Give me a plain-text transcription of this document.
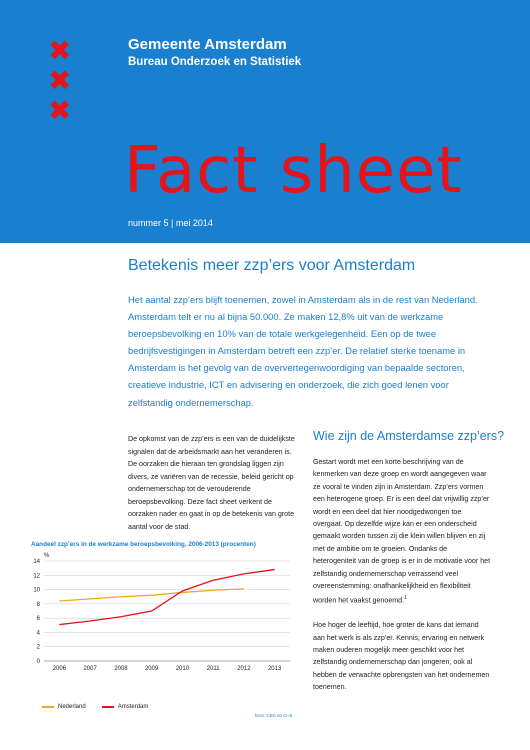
✖
✖
✖
Gemeente Amsterdam
Bureau Onderzoek en Statistiek
Fact sheet
nummer 5 | mei 2014
Betekenis meer zzp’ers voor Amsterdam
Het aantal zzp’ers blijft toenemen, zowel in Amsterdam als in de rest van Nederland. Amsterdam telt er nu al bijna 50.000. Ze maken 12,8% uit van de werkzame beroepsbevolking en 10% van de totale werkgelegenheid. Een op de twee bedrijfsvestigingen in Amsterdam betreft een zzp’er. De relatief sterke toename in Amsterdam is het gevolg van de oververtegenwoordiging van bepaalde sectoren, creatieve industrie, ICT en advisering en onderzoek, die zich goed lenen voor zelfstandig ondernemerschap.
De opkomst van de zzp’ers is een van de duidelijkste signalen dat de arbeidsmarkt aan het veranderen is. De oorzaken die hieraan ten grondslag liggen zijn divers, ze variëren van de recessie, beleid gericht op ondernemerschap tot de verouderende beroepsbevolking. Deze fact sheet verkent de oorzaken nader en gaat in op de betekenis van grote aantal voor de stad.
Wie zijn de Amsterdamse zzp’ers?

Gestart wordt met een korte beschrijving van de kenmerken van deze groep en wordt aangegeven waar ze vooral te vinden zijn in Amsterdam. Zzp’ers vormen een heterogene groep. Er is een deel dat vrijwillig zzp’er wordt en een deel dat hier noodgedwongen toe overgaat. Op dezelfde wijze kan er een onderscheid gemaakt worden tussen zij die klein willen blijven en zij met de ambitie om te groeien. Ondanks de heterogeniteit van de groep is er in de motivatie voor het zelfstandig ondernemerschap verrassend veel overeenstemming: onafhankelijkheid en flexibiliteit worden het vaakst genoemd.$^1$

Hoe hoger de leeftijd, hoe groter de kans dat iemand aan het werk is als zzp’er. Kennis, ervaring en netwerk maken ouderen mogelijk meer geschikt voor het zelfstandig ondernemerschap dan jongeren, ook al hebben de verwachte opbrengsten van het ondernemen toenemen.

Aandeel zzp’ers in de werkzame beroepsbevolking, 2006-2013 (procenten)
%
0
2
4
6
8
10
12
14
2006	2007	2008	2009	2010	2011	2012	2013
Nederland	Amsterdam
bron: CBS en O+S
